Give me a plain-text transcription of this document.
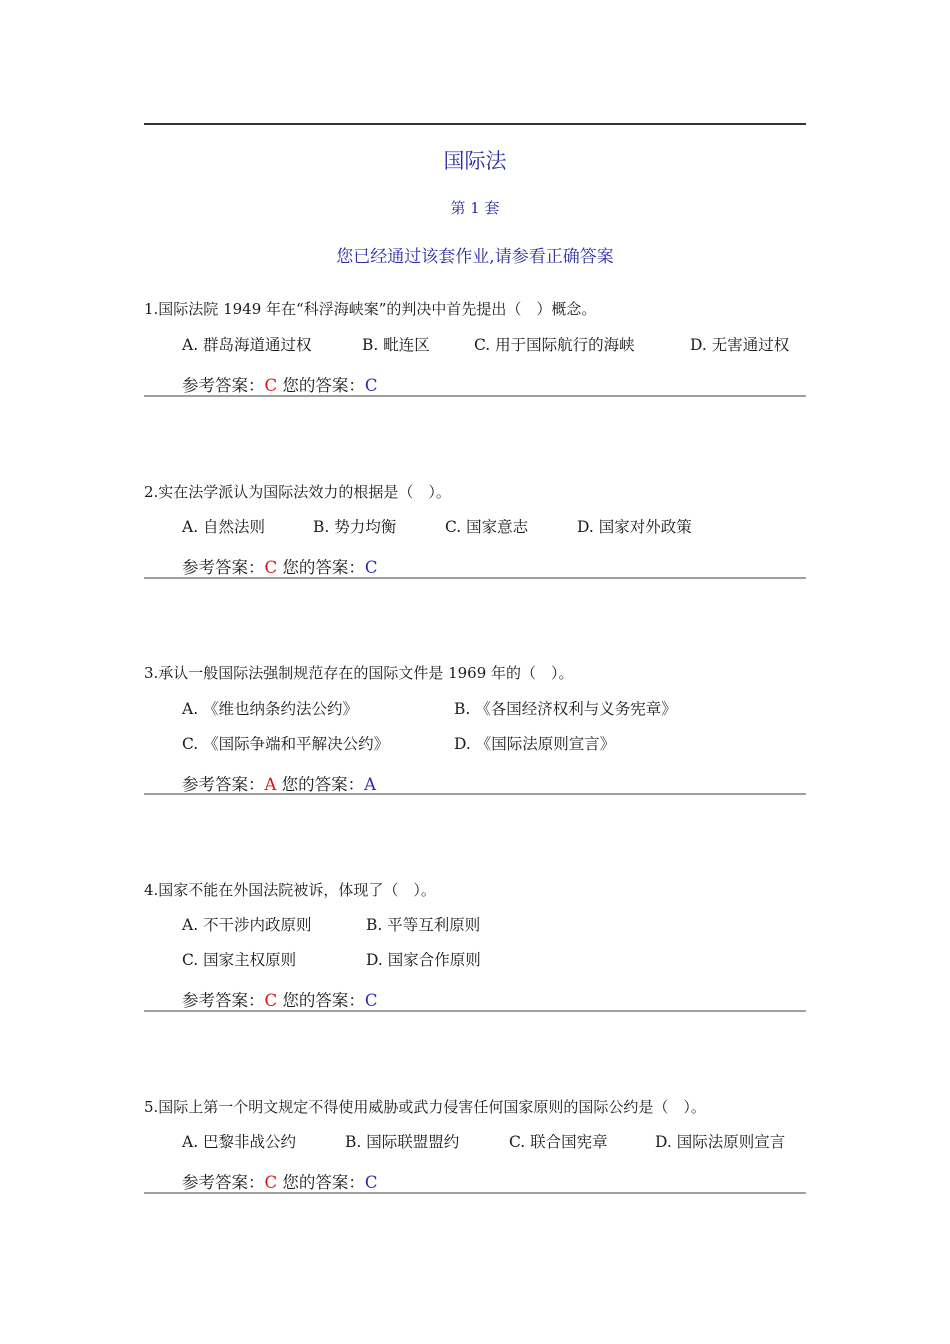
国际法
第 1 套
您已经通过该套作业,请参看正确答案
1.国际法院 1949 年在“科浮海峡案”的判决中首先提出（　）概念。
A. 群岛海道通过权	B. 毗连区	C. 用于国际航行的海峡	D. 无害通过权
参考答案：C 您的答案：C
2.实在法学派认为国际法效力的根据是（　）。
A. 自然法则	B. 势力均衡	C. 国家意志	D. 国家对外政策
参考答案：C 您的答案：C
3.承认一般国际法强制规范存在的国际文件是 1969 年的（　）。
A. 《维也纳条约法公约》	B. 《各国经济权利与义务宪章》
C. 《国际争端和平解决公约》	D. 《国际法原则宣言》
参考答案：A 您的答案：A
4.国家不能在外国法院被诉，体现了（　）。
A. 不干涉内政原则	B. 平等互利原则
C. 国家主权原则	D. 国家合作原则
参考答案：C 您的答案：C
5.国际上第一个明文规定不得使用威胁或武力侵害任何国家原则的国际公约是（　）。
A. 巴黎非战公约	B. 国际联盟盟约	C. 联合国宪章	D. 国际法原则宣言
参考答案：C 您的答案：C
